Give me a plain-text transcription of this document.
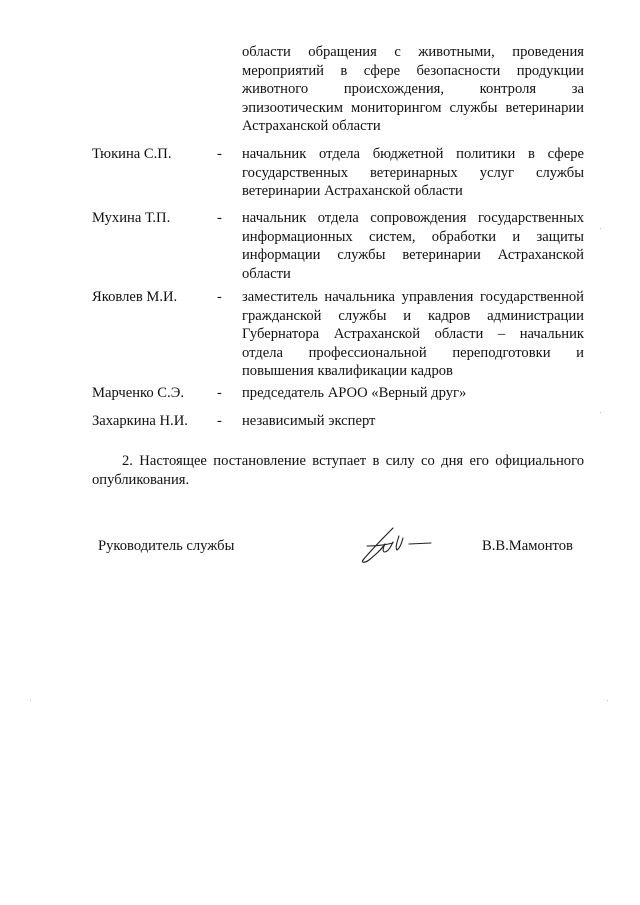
области обращения с животными, проведения мероприятий в сфере безопасности продукции животного происхождения, контроля за эпизоотическим мониторингом службы ветеринарии Астраханской области

Тюкина С.П.	- начальник отдела бюджетной политики в сфере государственных ветеринарных услуг службы ветеринарии Астраханской области

Мухина Т.П.	- начальник отдела сопровождения государственных информационных систем, обработки и защиты информации службы ветеринарии Астраханской области

Яковлев М.И.	- заместитель начальника управления государственной гражданской службы и кадров администрации Губернатора Астраханской области – начальник отдела профессиональной переподготовки и повышения квалификации кадров

Марченко С.Э.	- председатель АРОО «Верный друг»

Захаркина Н.И.	- независимый эксперт

2. Настоящее постановление вступает в силу со дня его официального опубликования.

Руководитель службы	В.В.Мамонтов
